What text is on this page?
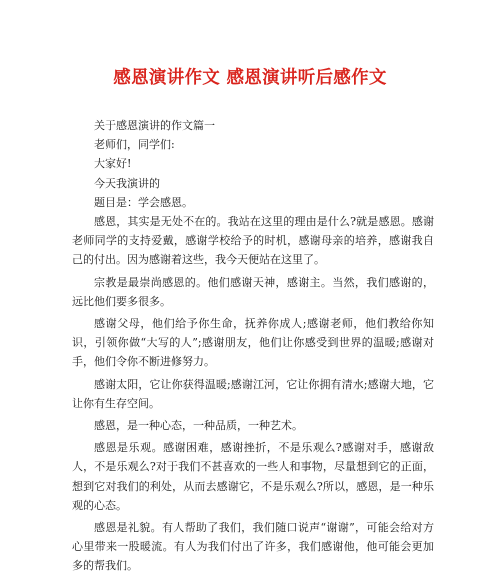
感恩演讲作文 感恩演讲听后感作文

关于感恩演讲的作文篇一

老师们，同学们:

大家好!

今天我演讲的

题目是：学会感恩。

感恩，其实是无处不在的。我站在这里的理由是什么?就是感恩。感谢老师同学的支持爱戴，感谢学校给予的时机，感谢母亲的培养，感谢我自己的付出。因为感谢着这些，我今天便站在这里了。

宗教是最崇尚感恩的。他们感谢天神，感谢主。当然，我们感谢的，远比他们要多很多。

感谢父母，他们给予你生命，抚养你成人;感谢老师，他们教给你知识，引领你做“大写的人”;感谢朋友，他们让你感受到世界的温暖;感谢对手，他们令你不断进修努力。

感谢太阳，它让你获得温暖;感谢江河，它让你拥有清水;感谢大地，它让你有生存空间。

感恩，是一种心态，一种品质，一种艺术。

感恩是乐观。感谢困难，感谢挫折，不是乐观么?感谢对手，感谢敌人，不是乐观么?对于我们不甚喜欢的一些人和事物，尽量想到它的正面，想到它对我们的利处，从而去感谢它，不是乐观么?所以，感恩，是一种乐观的心态。

感恩是礼貌。有人帮助了我们，我们随口说声“谢谢”，可能会给对方心里带来一股暖流。有人为我们付出了许多，我们感谢他，他可能会更加多的帮我们。
